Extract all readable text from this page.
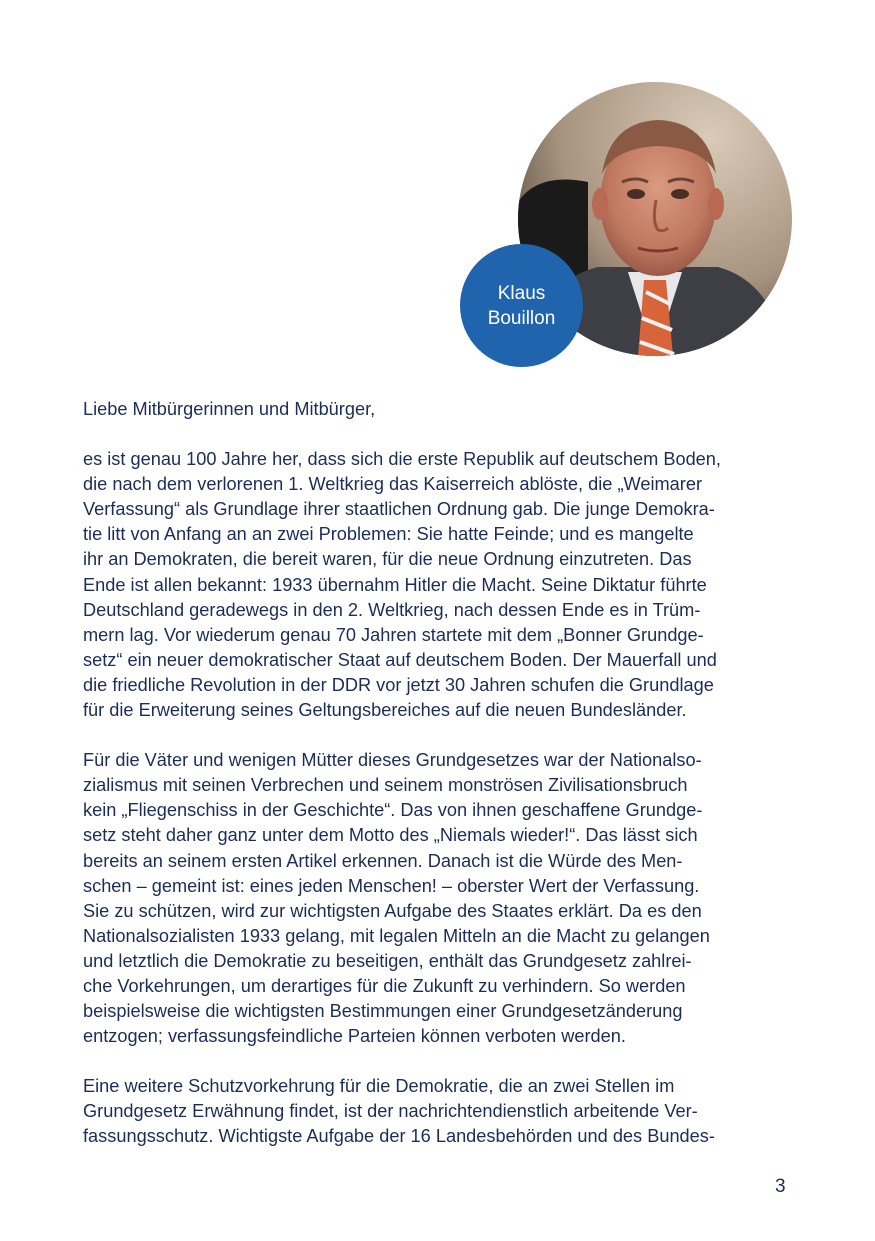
Klaus
Bouillon

Liebe Mitbürgerinnen und Mitbürger,

es ist genau 100 Jahre her, dass sich die erste Republik auf deutschem Boden,
die nach dem verlorenen 1. Weltkrieg das Kaiserreich ablöste, die „Weimarer
Verfassung“ als Grundlage ihrer staatlichen Ordnung gab. Die junge Demokra-
tie litt von Anfang an an zwei Problemen: Sie hatte Feinde; und es mangelte
ihr an Demokraten, die bereit waren, für die neue Ordnung einzutreten. Das
Ende ist allen bekannt: 1933 übernahm Hitler die Macht. Seine Diktatur führte
Deutschland geradewegs in den 2. Weltkrieg, nach dessen Ende es in Trüm-
mern lag. Vor wiederum genau 70 Jahren startete mit dem „Bonner Grundge-
setz“ ein neuer demokratischer Staat auf deutschem Boden. Der Mauerfall und
die friedliche Revolution in der DDR vor jetzt 30 Jahren schufen die Grundlage
für die Erweiterung seines Geltungsbereiches auf die neuen Bundesländer.

Für die Väter und wenigen Mütter dieses Grundgesetzes war der Nationalso-
zialismus mit seinen Verbrechen und seinem monströsen Zivilisationsbruch
kein „Fliegenschiss in der Geschichte“. Das von ihnen geschaffene Grundge-
setz steht daher ganz unter dem Motto des „Niemals wieder!“. Das lässt sich
bereits an seinem ersten Artikel erkennen. Danach ist die Würde des Men-
schen – gemeint ist: eines jeden Menschen! – oberster Wert der Verfassung.
Sie zu schützen, wird zur wichtigsten Aufgabe des Staates erklärt. Da es den
Nationalsozialisten 1933 gelang, mit legalen Mitteln an die Macht zu gelangen
und letztlich die Demokratie zu beseitigen, enthält das Grundgesetz zahlrei-
che Vorkehrungen, um derartiges für die Zukunft zu verhindern. So werden
beispielsweise die wichtigsten Bestimmungen einer Grundgesetzänderung
entzogen; verfassungsfeindliche Parteien können verboten werden.

Eine weitere Schutzvorkehrung für die Demokratie, die an zwei Stellen im
Grundgesetz Erwähnung findet, ist der nachrichtendienstlich arbeitende Ver-
fassungsschutz. Wichtigste Aufgabe der 16 Landesbehörden und des Bundes-

3
